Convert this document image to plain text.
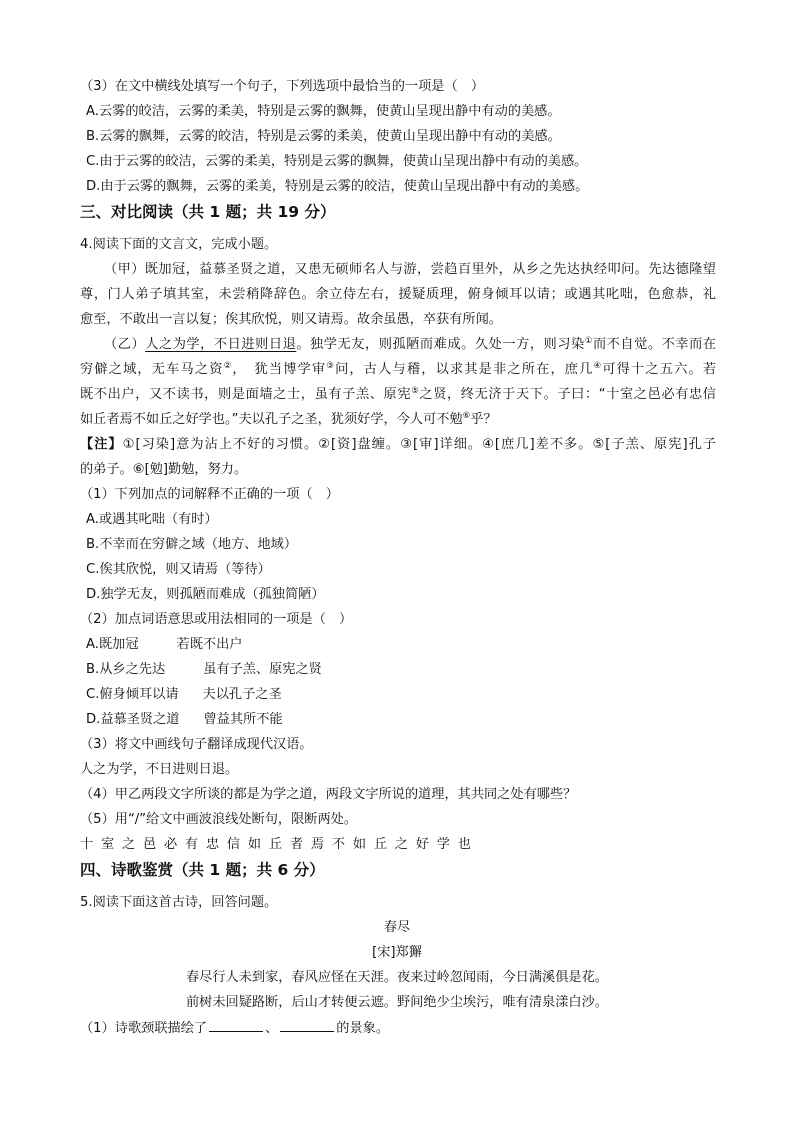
（3）在文中横线处填写一个句子，下列选项中最恰当的一项是（　）
A.云雾的皎洁，云雾的柔美，特别是云雾的飘舞，使黄山呈现出静中有动的美感。
B.云雾的飘舞，云雾的皎洁，特别是云雾的柔美，使黄山呈现出静中有动的美感。
C.由于云雾的皎洁，云雾的柔美，特别是云雾的飘舞，使黄山呈现出静中有动的美感。
D.由于云雾的飘舞，云雾的柔美，特别是云雾的皎洁，使黄山呈现出静中有动的美感。
三、对比阅读（共 1 题；共 19 分）
4.阅读下面的文言文，完成小题。
（甲）既加冠，益慕圣贤之道，又患无硕师名人与游，尝趋百里外，从乡之先达执经叩问。先达德隆望
尊，门人弟子填其室，未尝稍降辞色。余立侍左右，援疑质理，俯身倾耳以请；或遇其叱咄，色愈恭，礼
愈至，不敢出一言以复；俟其欣悦，则又请焉。故余虽愚，卒获有所闻。
（乙）人之为学，不日进则日退。独学无友，则孤陋而难成。久处一方，则习染①而不自觉。不幸而在
穷僻之域，无车马之资②，　犹当博学审③问，古人与稽，以求其是非之所在，庶几④可得十之五六。若
既不出户，又不读书，则是面墙之士，虽有子羔、原宪⑤之贤，终无济于天下。子曰：“十室之邑必有忠信
如丘者焉不如丘之好学也。”夫以孔子之圣，犹须好学，今人可不勉⑥乎？
【注】①[习染]意为沾上不好的习惯。②[资]盘缠。③[审]详细。④[庶几]差不多。⑤[子羔、原宪]孔子
的弟子。⑥[勉]勤勉，努力。
（1）下列加点的词解释不正确的一项（　）
A.或遇其叱咄（有时）
B.不幸而在穷僻之域（地方、地域）
C.俟其欣悦，则又请焉（等待）
D.独学无友，则孤陋而难成（孤独简陋）
（2）加点词语意思或用法相同的一项是（　）
A.既加冠	若既不出户
B.从乡之先达	虽有子羔、原宪之贤
C.俯身倾耳以请 夫以孔子之圣
D.益慕圣贤之道 曾益其所不能
（3）将文中画线句子翻译成现代汉语。
人之为学，不日进则日退。
（4）甲乙两段文字所谈的都是为学之道，两段文字所说的道理，其共同之处有哪些？
（5）用“/”给文中画波浪线处断句，限断两处。
十室之邑必有忠信如丘者焉不如丘之好学也
四、诗歌鉴赏（共 1 题；共 6 分）
5.阅读下面这首古诗，回答问题。
春尽
[宋]郑獬
春尽行人未到家，春风应怪在天涯。夜来过岭忽闻雨，今日满溪俱是花。
前树未回疑路断，后山才转便云遮。野间绝少尘埃污，唯有清泉漾白沙。
（1）诗歌颈联描绘了	、	的景象。
